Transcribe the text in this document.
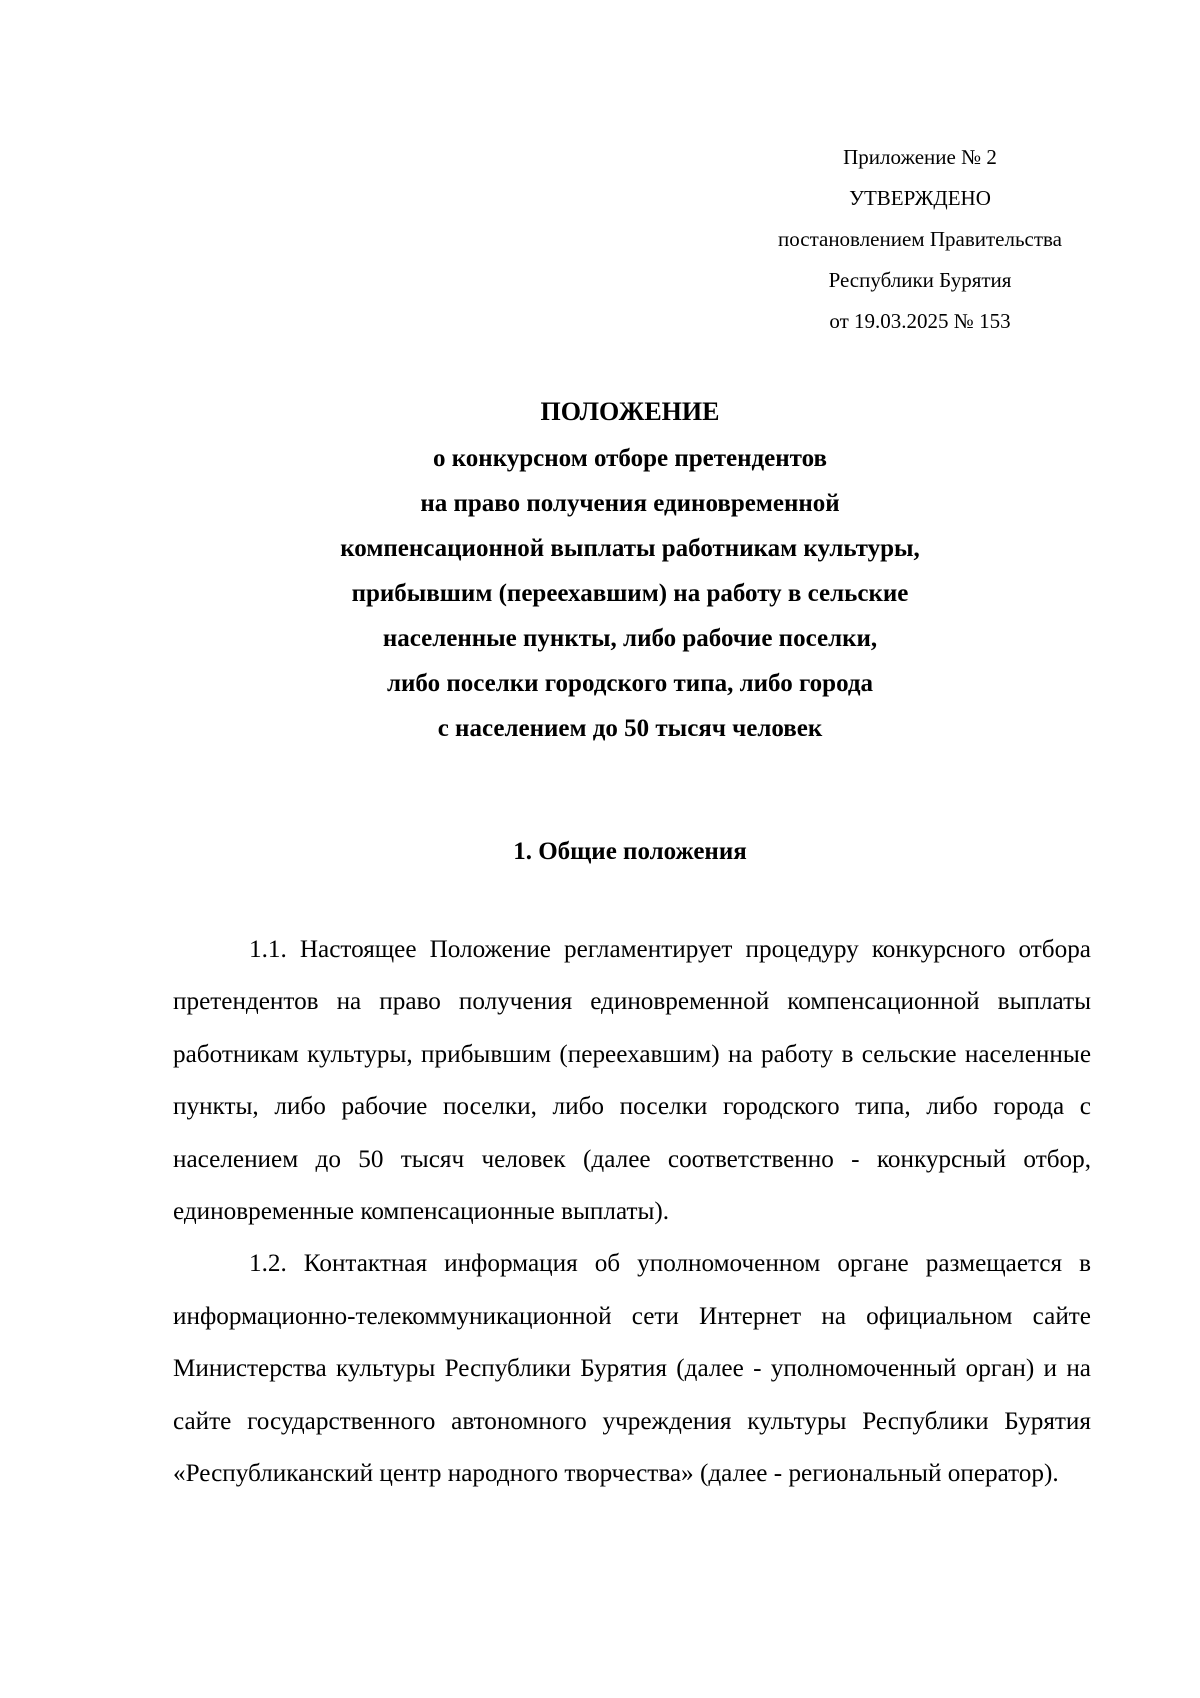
Приложение № 2
УТВЕРЖДЕНО
постановлением Правительства
Республики Бурятия
от 19.03.2025 № 153
ПОЛОЖЕНИЕ
о конкурсном отборе претендентов
на право получения единовременной
компенсационной выплаты работникам культуры,
прибывшим (переехавшим) на работу в сельские
населенные пункты, либо рабочие поселки,
либо поселки городского типа, либо города
с населением до 50 тысяч человек
1. Общие положения

1.1. Настоящее Положение регламентирует процедуру конкурсного отбора претендентов на право получения единовременной компенсационной выплаты работникам культуры, прибывшим (переехавшим) на работу в сельские населенные пункты, либо рабочие поселки, либо поселки городского типа, либо города с населением до 50 тысяч человек (далее соответственно - конкурсный отбор, единовременные компенсационные выплаты).

1.2. Контактная информация об уполномоченном органе размещается в информационно-телекоммуникационной сети Интернет на официальном сайте Министерства культуры Республики Бурятия (далее - уполномоченный орган) и на сайте государственного автономного учреждения культуры Республики Бурятия «Республиканский центр народного творчества» (далее - региональный оператор).
